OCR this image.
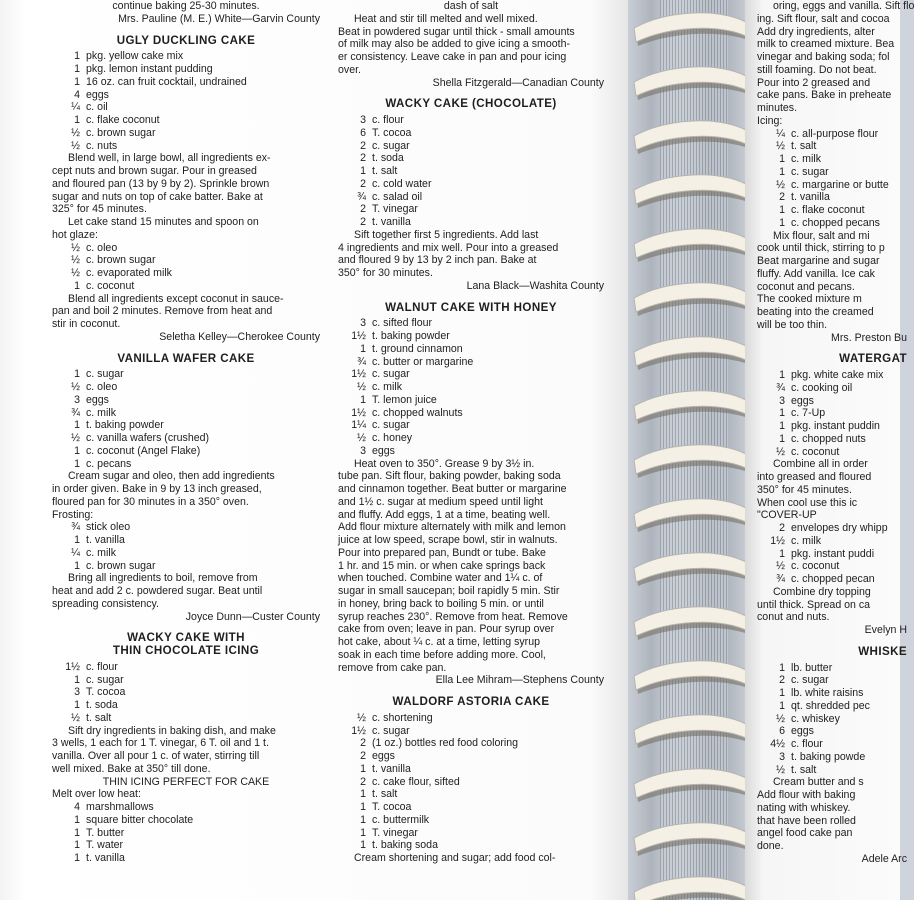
continue baking 25-30 minutes.
Mrs. Pauline (M. E.) White—Garvin County
UGLY DUCKLING CAKE
1 pkg. yellow cake mix
1 pkg. lemon instant pudding
1 16 oz. can fruit cocktail, undrained
4 eggs
¼ c. oil
1 c. flake coconut
½ c. brown sugar
½ c. nuts
Blend well, in large bowl, all ingredients ex-
cept nuts and brown sugar. Pour in greased
and floured pan (13 by 9 by 2). Sprinkle brown
sugar and nuts on top of cake batter. Bake at
325° for 45 minutes.
Let cake stand 15 minutes and spoon on
hot glaze:
½ c. oleo
½ c. brown sugar
½ c. evaporated milk
1 c. coconut
Blend all ingredients except coconut in sauce-
pan and boil 2 minutes. Remove from heat and
stir in coconut.
Seletha Kelley—Cherokee County
VANILLA WAFER CAKE
1 c. sugar
½ c. oleo
3 eggs
¾ c. milk
1 t. baking powder
½ c. vanilla wafers (crushed)
1 c. coconut (Angel Flake)
1 c. pecans
Cream sugar and oleo, then add ingredients
in order given. Bake in 9 by 13 inch greased,
floured pan for 30 minutes in a 350° oven.
Frosting:
¾ stick oleo
1 t. vanilla
¼ c. milk
1 c. brown sugar
Bring all ingredients to boil, remove from
heat and add 2 c. powdered sugar. Beat until
spreading consistency.
Joyce Dunn—Custer County
WACKY CAKE WITH
THIN CHOCOLATE ICING
1½ c. flour
1 c. sugar
3 T. cocoa
1 t. soda
½ t. salt
Sift dry ingredients in baking dish, and make
3 wells, 1 each for 1 T. vinegar, 6 T. oil and 1 t.
vanilla. Over all pour 1 c. of water, stirring till
well mixed. Bake at 350° till done.
THIN ICING PERFECT FOR CAKE
Melt over low heat:
4 marshmallows
1 square bitter chocolate
1 T. butter
1 T. water
1 t. vanilla
dash of salt
Heat and stir till melted and well mixed.
Beat in powdered sugar until thick - small amounts
of milk may also be added to give icing a smooth-
er consistency. Leave cake in pan and pour icing
over.
Shella Fitzgerald—Canadian County
WACKY CAKE (CHOCOLATE)
3 c. flour
6 T. cocoa
2 c. sugar
2 t. soda
1 t. salt
2 c. cold water
¾ c. salad oil
2 T. vinegar
2 t. vanilla
Sift together first 5 ingredients. Add last
4 ingredients and mix well. Pour into a greased
and floured 9 by 13 by 2 inch pan. Bake at
350° for 30 minutes.
Lana Black—Washita County
WALNUT CAKE WITH HONEY
3 c. sifted flour
1½ t. baking powder
1 t. ground cinnamon
¾ c. butter or margarine
1½ c. sugar
½ c. milk
1 T. lemon juice
1½ c. chopped walnuts
1¼ c. sugar
½ c. honey
3 eggs
Heat oven to 350°. Grease 9 by 3½ in.
tube pan. Sift flour, baking powder, baking soda
and cinnamon together. Beat butter or margarine
and 1½ c. sugar at medium speed until light
and fluffy. Add eggs, 1 at a time, beating well.
Add flour mixture alternately with milk and lemon
juice at low speed, scrape bowl, stir in walnuts.
Pour into prepared pan, Bundt or tube. Bake
1 hr. and 15 min. or when cake springs back
when touched. Combine water and 1¼ c. of
sugar in small saucepan; boil rapidly 5 min. Stir
in honey, bring back to boiling 5 min. or until
syrup reaches 230°. Remove from heat. Remove
cake from oven; leave in pan. Pour syrup over
hot cake, about ¼ c. at a time, letting syrup
soak in each time before adding more. Cool,
remove from cake pan.
Ella Lee Mihram—Stephens County
WALDORF ASTORIA CAKE
½ c. shortening
1½ c. sugar
2 (1 oz.) bottles red food coloring
2 eggs
1 t. vanilla
2 c. cake flour, sifted
1 t. salt
1 T. cocoa
1 c. buttermilk
1 T. vinegar
1 t. baking soda
Cream shortening and sugar; add food col-
oring, eggs and vanilla. Sift flo
ing. Sift flour, salt and cocoa
Add dry ingredients, alter
milk to creamed mixture. Bea
vinegar and baking soda; fol
still foaming. Do not beat.
Pour into 2 greased and
cake pans. Bake in preheate
minutes.
Icing:
¼ c. all-purpose flour
½ t. salt
1 c. milk
1 c. sugar
½ c. margarine or butte
2 t. vanilla
1 c. flake coconut
1 c. chopped pecans
Mix flour, salt and mi
cook until thick, stirring to p
Beat margarine and sugar
fluffy. Add vanilla. Ice cak
coconut and pecans.
The cooked mixture m
beating into the creamed
will be too thin.
Mrs. Preston Bu
WATERGAT
1 pkg. white cake mix
¾ c. cooking oil
3 eggs
1 c. 7-Up
1 pkg. instant puddin
1 c. chopped nuts
½ c. coconut
Combine all in order
into greased and floured
350° for 45 minutes.
When cool use this ic
"COVER-UP
2 envelopes dry whipp
1½ c. milk
1 pkg. instant puddi
½ c. coconut
¾ c. chopped pecan
Combine dry topping
until thick. Spread on ca
conut and nuts.
Evelyn H
WHISKE
1 lb. butter
2 c. sugar
1 lb. white raisins
1 qt. shredded pec
½ c. whiskey
6 eggs
4½ c. flour
3 t. baking powde
½ t. salt
Cream butter and s
Add flour with baking
nating with whiskey.
that have been rolled
angel food cake pan
done.
Adele Arc
